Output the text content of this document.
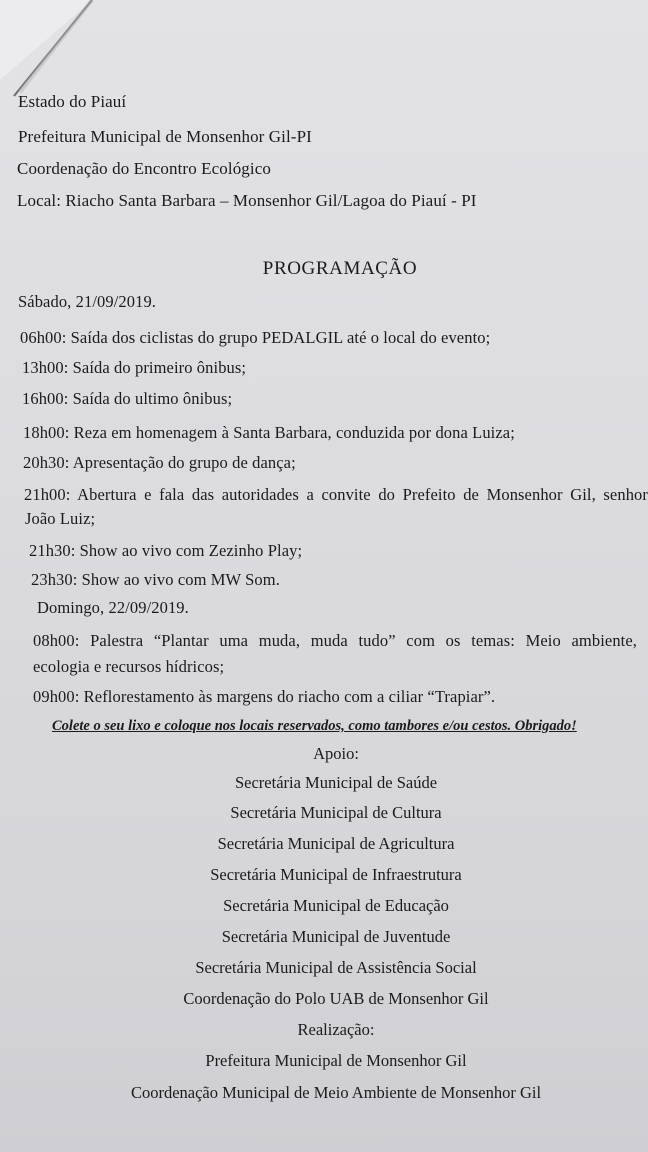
Estado do Piauí
Prefeitura Municipal de Monsenhor Gil-PI
Coordenação do Encontro Ecológico
Local: Riacho Santa Barbara – Monsenhor Gil/Lagoa do Piauí - PI
PROGRAMAÇÃO
Sábado, 21/09/2019.
06h00: Saída dos ciclistas do grupo PEDALGIL até o local do evento;
13h00: Saída do primeiro ônibus;
16h00: Saída do ultimo ônibus;
18h00: Reza em homenagem à Santa Barbara, conduzida por dona Luiza;
20h30: Apresentação do grupo de dança;
21h00: Abertura e fala das autoridades a convite do Prefeito de Monsenhor Gil, senhor
João Luiz;
21h30: Show ao vivo com Zezinho Play;
23h30: Show ao vivo com MW Som.
Domingo, 22/09/2019.
08h00: Palestra “Plantar uma muda, muda tudo” com os temas: Meio ambiente,
ecologia e recursos hídricos;
09h00: Reflorestamento às margens do riacho com a ciliar “Trapiar”.
Colete o seu lixo e coloque nos locais reservados, como tambores e/ou cestos. Obrigado!
Apoio:
Secretária Municipal de Saúde
Secretária Municipal de Cultura
Secretária Municipal de Agricultura
Secretária Municipal de Infraestrutura
Secretária Municipal de Educação
Secretária Municipal de Juventude
Secretária Municipal de Assistência Social
Coordenação do Polo UAB de Monsenhor Gil
Realização:
Prefeitura Municipal de Monsenhor Gil
Coordenação Municipal de Meio Ambiente de Monsenhor Gil
